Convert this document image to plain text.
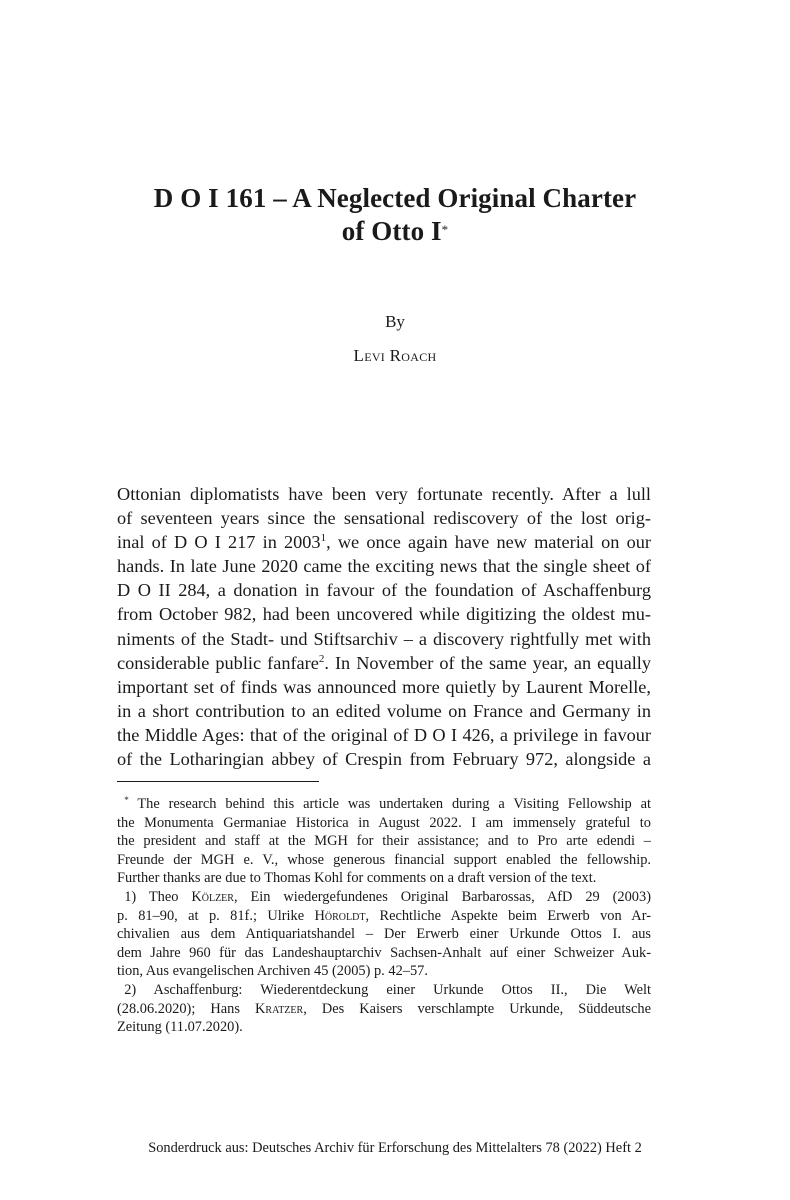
D O I 161 – A Neglected Original Charter
of Otto I*
By
Levi Roach
Ottonian diplomatists have been very fortunate recently. After a lull
of seventeen years since the sensational rediscovery of the lost orig-
inal of D O I 217 in 2003$^1$, we once again have new material on our
hands. In late June 2020 came the exciting news that the single sheet of
D O II 284, a donation in favour of the foundation of Aschaffenburg
from October 982, had been uncovered while digitizing the oldest mu-
niments of the Stadt- und Stiftsarchiv – a discovery rightfully met with
considerable public fanfare$^2$. In November of the same year, an equally
important set of finds was announced more quietly by Laurent Morelle,
in a short contribution to an edited volume on France and Germany in
the Middle Ages: that of the original of D O I 426, a privilege in favour
of the Lotharingian abbey of Crespin from February 972, alongside a
 * The research behind this article was undertaken during a Visiting Fellowship at
the Monumenta Germaniae Historica in August 2022. I am immensely grateful to
the president and staff at the MGH for their assistance; and to Pro arte edendi –
Freunde der MGH e. V., whose generous financial support enabled the fellowship.
Further thanks are due to Thomas Kohl for comments on a draft version of the text.
 1) Theo Kölzer, Ein wiedergefundenes Original Barbarossas, AfD 29 (2003)
p. 81–90, at p. 81f.; Ulrike Höroldt, Rechtliche Aspekte beim Erwerb von Ar-
chivalien aus dem Antiquariatshandel – Der Erwerb einer Urkunde Ottos I. aus
dem Jahre 960 für das Landeshauptarchiv Sachsen-Anhalt auf einer Schweizer Auk-
tion, Aus evangelischen Archiven 45 (2005) p. 42–57.
 2) Aschaffenburg: Wiederentdeckung einer Urkunde Ottos II., Die Welt
(28.06.2020); Hans Kratzer, Des Kaisers verschlampte Urkunde, Süddeutsche
Zeitung (11.07.2020).
Sonderdruck aus: Deutsches Archiv für Erforschung des Mittelalters 78 (2022) Heft 2
